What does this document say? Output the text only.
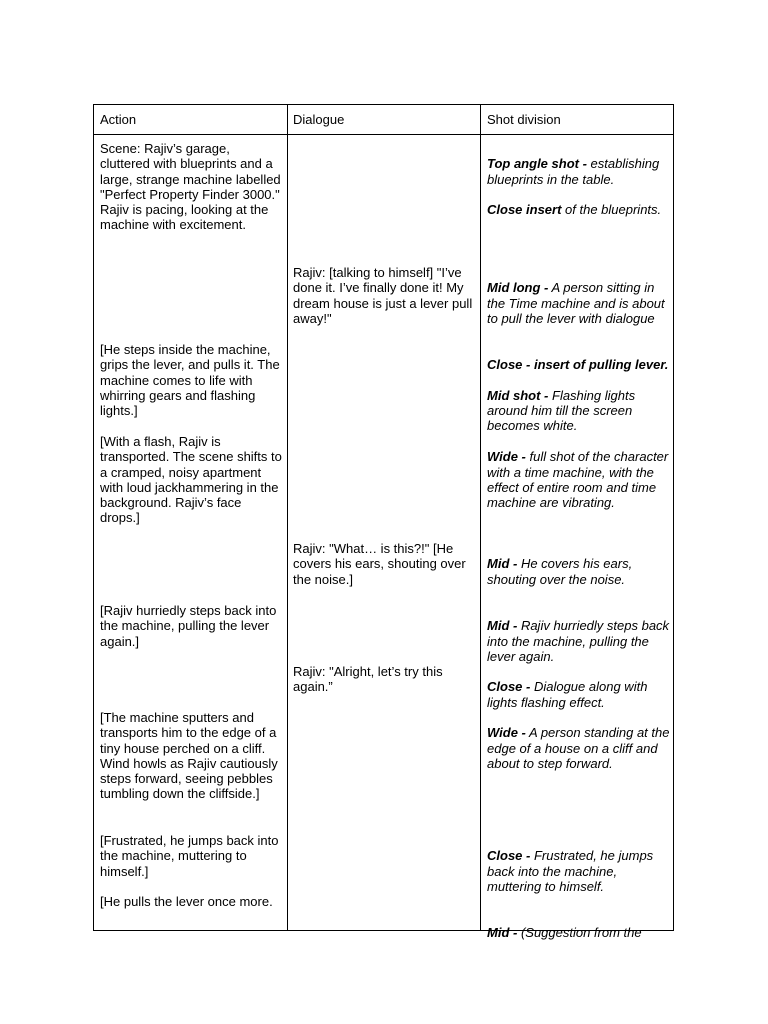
Action	Dialogue	Shot division
Scene: Rajiv’s garage, cluttered with blueprints and a large, strange machine labelled "Perfect Property Finder 3000." Rajiv is pacing, looking at the machine with excitement.
[He steps inside the machine, grips the lever, and pulls it. The machine comes to life with whirring gears and flashing lights.]
[With a flash, Rajiv is transported. The scene shifts to a cramped, noisy apartment with loud jackhammering in the background. Rajiv’s face drops.]
[Rajiv hurriedly steps back into the machine, pulling the lever again.]
[The machine sputters and transports him to the edge of a tiny house perched on a cliff. Wind howls as Rajiv cautiously steps forward, seeing pebbles tumbling down the cliffside.]
[Frustrated, he jumps back into the machine, muttering to himself.]
[He pulls the lever once more.
Rajiv: [talking to himself] "I’ve done it. I’ve finally done it! My dream house is just a lever pull away!"
Rajiv: "What… is this?!" [He covers his ears, shouting over the noise.]
Rajiv: "Alright, let’s try this again.”

Top angle shot - establishing blueprints in the table.

Close insert of the blueprints.

Mid long - A person sitting in the Time machine and is about to pull the lever with dialogue

Close - insert of pulling lever.

Mid shot - Flashing lights around him till the screen becomes white.

Wide - full shot of the character with a time machine, with the effect of entire room and time machine are vibrating.

Mid - He covers his ears, shouting over the noise.

Mid - Rajiv hurriedly steps back into the machine, pulling the lever again.

Close - Dialogue along with lights flashing effect.

Wide - A person standing at the edge of a house on a cliff and about to step forward.

Close - Frustrated, he jumps back into the machine, muttering to himself.

Mid - (Suggestion from the
